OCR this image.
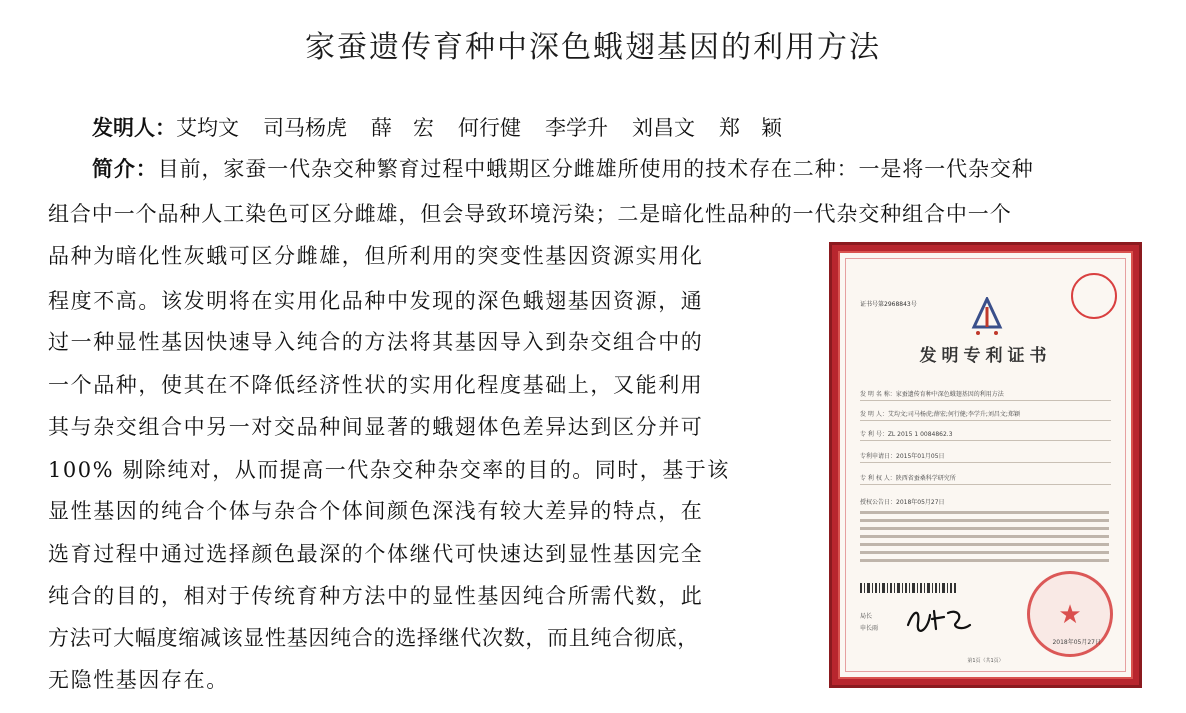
家蚕遗传育种中深色蛾翅基因的利用方法
发明人：艾均文 司马杨虎 薛　宏 何行健 李学升 刘昌文 郑　颖
简介：目前，家蚕一代杂交种繁育过程中蛾期区分雌雄所使用的技术存在二种：一是将一代杂交种
组合中一个品种人工染色可区分雌雄，但会导致环境污染；二是暗化性品种的一代杂交种组合中一个
品种为暗化性灰蛾可区分雌雄，但所利用的突变性基因资源实用化
程度不高。该发明将在实用化品种中发现的深色蛾翅基因资源，通
过一种显性基因快速导入纯合的方法将其基因导入到杂交组合中的
一个品种，使其在不降低经济性状的实用化程度基础上，又能利用
其与杂交组合中另一对交品种间显著的蛾翅体色差异达到区分并可
100% 剔除纯对，从而提高一代杂交种杂交率的目的。同时，基于该
显性基因的纯合个体与杂合个体间颜色深浅有较大差异的特点，在
选育过程中通过选择颜色最深的个体继代可快速达到显性基因完全
纯合的目的，相对于传统育种方法中的显性基因纯合所需代数，此
方法可大幅度缩减该显性基因纯合的选择继代次数，而且纯合彻底，
无隐性基因存在。
证书号第2968843号
发明专利证书
发 明 名 称：家蚕遗传育种中深色蛾翅基因的利用方法
发 明 人：艾均文;司马杨虎;薛宏;何行健;李学升;刘昌文;郑颖
专 利 号：ZL 2015 1 0084862.3
专利申请日：2015年01月05日
专 利 权 人：陕西省蚕桑科学研究所
授权公告日：2018年05月27日
局长
申长雨	★
2018年05月27日
第1页（共1页）
